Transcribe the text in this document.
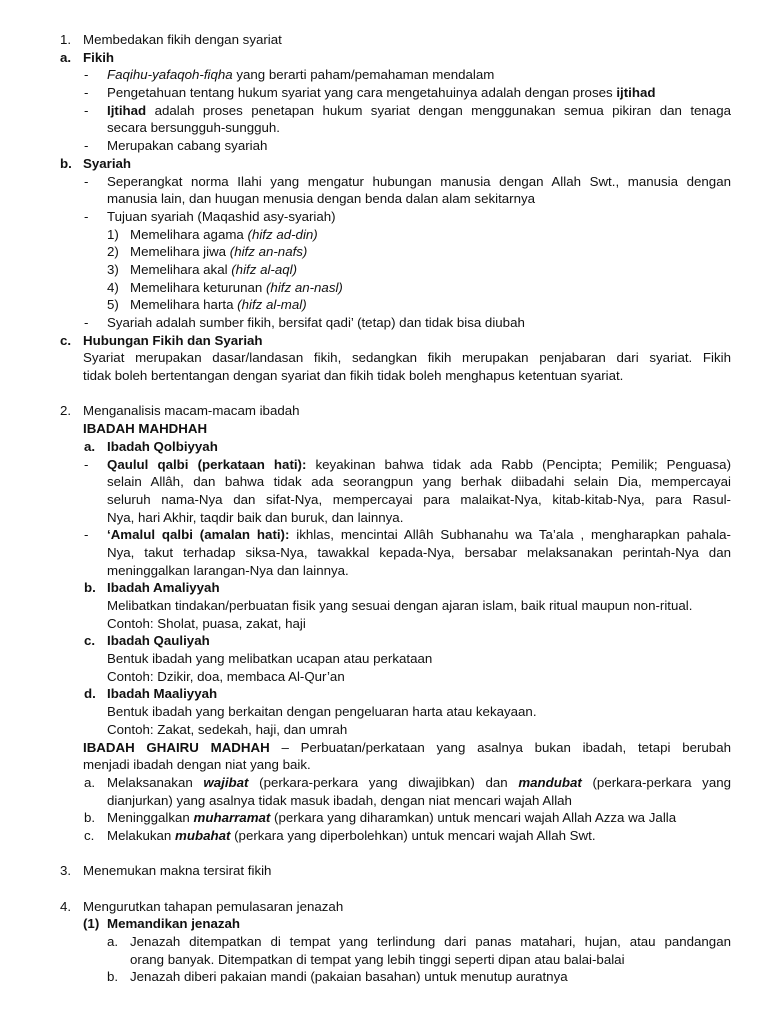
1. Membedakan fikih dengan syariat
a. Fikih
- Faqihu-yafaqoh-fiqha yang berarti paham/pemahaman mendalam
- Pengetahuan tentang hukum syariat yang cara mengetahuinya adalah dengan proses ijtihad
- Ijtihad adalah proses penetapan hukum syariat dengan menggunakan semua pikiran dan tenaga
secara bersungguh-sungguh.
- Merupakan cabang syariah
b. Syariah
- Seperangkat norma Ilahi yang mengatur hubungan manusia dengan Allah Swt., manusia dengan
manusia lain, dan huugan menusia dengan benda dalan alam sekitarnya
- Tujuan syariah (Maqashid asy-syariah)
1) Memelihara agama (hifz ad-din)
2) Memelihara jiwa (hifz an-nafs)
3) Memelihara akal (hifz al-aql)
4) Memelihara keturunan (hifz an-nasl)
5) Memelihara harta (hifz al-mal)
- Syariah adalah sumber fikih, bersifat qadi’ (tetap) dan tidak bisa diubah
c. Hubungan Fikih dan Syariah
Syariat merupakan dasar/landasan fikih, sedangkan fikih merupakan penjabaran dari syariat. Fikih
tidak boleh bertentangan dengan syariat dan fikih tidak boleh menghapus ketentuan syariat.
2. Menganalisis macam-macam ibadah
IBADAH MAHDHAH
a. Ibadah Qolbiyyah
- Qaulul qalbi (perkataan hati): keyakinan bahwa tidak ada Rabb (Pencipta; Pemilik; Penguasa)
selain Allâh, dan bahwa tidak ada seorangpun yang berhak diibadahi selain Dia, mempercayai
seluruh nama-Nya dan sifat-Nya, mempercayai para malaikat-Nya, kitab-kitab-Nya, para Rasul-
Nya, hari Akhir, taqdir baik dan buruk, dan lainnya.
- ‘Amalul qalbi (amalan hati): ikhlas, mencintai Allâh Subhanahu wa Ta’ala , mengharapkan pahala-
Nya, takut terhadap siksa-Nya, tawakkal kepada-Nya, bersabar melaksanakan perintah-Nya dan
meninggalkan larangan-Nya dan lainnya.
b. Ibadah Amaliyyah
Melibatkan tindakan/perbuatan fisik yang sesuai dengan ajaran islam, baik ritual maupun non-ritual.
Contoh: Sholat, puasa, zakat, haji
c. Ibadah Qauliyah
Bentuk ibadah yang melibatkan ucapan atau perkataan
Contoh: Dzikir, doa, membaca Al-Qur’an
d. Ibadah Maaliyyah
Bentuk ibadah yang berkaitan dengan pengeluaran harta atau kekayaan.
Contoh: Zakat, sedekah, haji, dan umrah
IBADAH GHAIRU MADHAH – Perbuatan/perkataan yang asalnya bukan ibadah, tetapi berubah
menjadi ibadah dengan niat yang baik.
a. Melaksanakan wajibat (perkara-perkara yang diwajibkan) dan mandubat (perkara-perkara yang
dianjurkan) yang asalnya tidak masuk ibadah, dengan niat mencari wajah Allah
b. Meninggalkan muharramat (perkara yang diharamkan) untuk mencari wajah Allah Azza wa Jalla
c. Melakukan mubahat (perkara yang diperbolehkan) untuk mencari wajah Allah Swt.
3. Menemukan makna tersirat fikih
4. Mengurutkan tahapan pemulasaran jenazah
(1) Memandikan jenazah
a. Jenazah ditempatkan di tempat yang terlindung dari panas matahari, hujan, atau pandangan
orang banyak. Ditempatkan di tempat yang lebih tinggi seperti dipan atau balai-balai
b. Jenazah diberi pakaian mandi (pakaian basahan) untuk menutup auratnya
